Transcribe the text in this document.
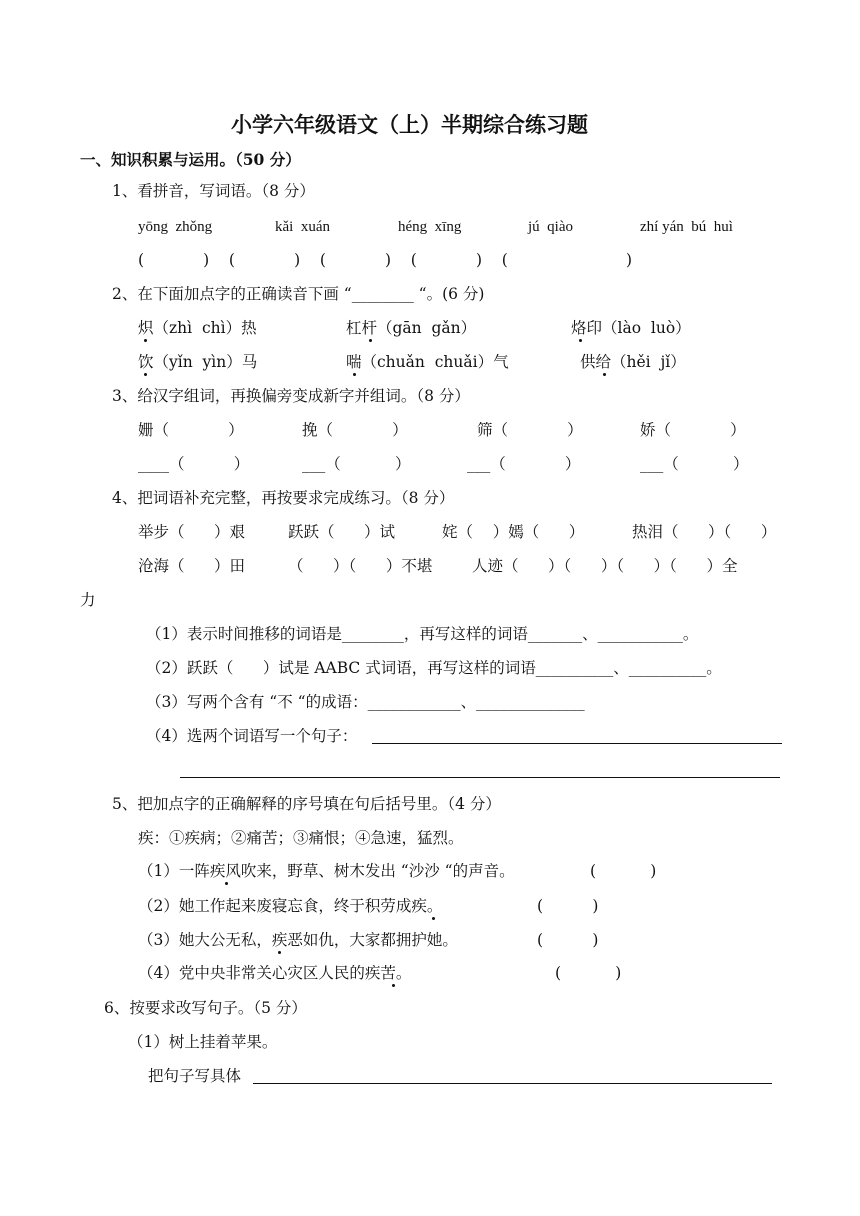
小学六年级语文（上）半期综合练习题
一、知识积累与运用。（50 分）
1、看拼音，写词语。（8 分）
yōng  zhǒng	kǎi  xuán	héng  xīng	jú  qiào	zhí yán  bú  huì
(            )    (            )    (            )    (            )    (                        )
2、在下面加点字的正确读音下画 “________ “。(6 分)
炽（zhì  chì）热	杠杆（gān  gǎn）	烙印（lào  luò）
饮（yǐn  yìn）马	喘（chuǎn  chuǎi）气	供给（hěi  jǐ）
3、给汉字组词，再换偏旁变成新字并组词。（8 分）
姗（            ）	挽（            ）	筛（            ）	娇（            ）
____（          ）	___（           ）	___（            ）	___（           ）
4、把词语补充完整，再按要求完成练习。（8 分）
举步（      ）艰	跃跃（      ）试	姹（    ）嫣（      ）	热泪（      ）（      ）
沧海（      ）田	（      ）（      ）不堪	人迹（      ）（      ）（      ）（      ）全
力
（1）表示时间推移的词语是________，再写这样的词语_______、___________。
（2）跃跃（      ）试是 AABC 式词语，再写这样的词语__________、__________。
（3）写两个含有 “不 “的成语：____________、______________
（4）选两个词语写一个句子：
5、把加点字的正确解释的序号填在句后括号里。（4 分）
疾：①疾病；②痛苦；③痛恨；④急速，猛烈。
（1）一阵疾风吹来，野草、树木发出 “沙沙 “的声音。	(           )
（2）她工作起来废寝忘食，终于积劳成疾。	(          )
（3）她大公无私，疾恶如仇，大家都拥护她。	(          )
（4）党中央非常关心灾区人民的疾苦。	(           )
6、按要求改写句子。（5 分）
（1）树上挂着苹果。
把句子写具体
